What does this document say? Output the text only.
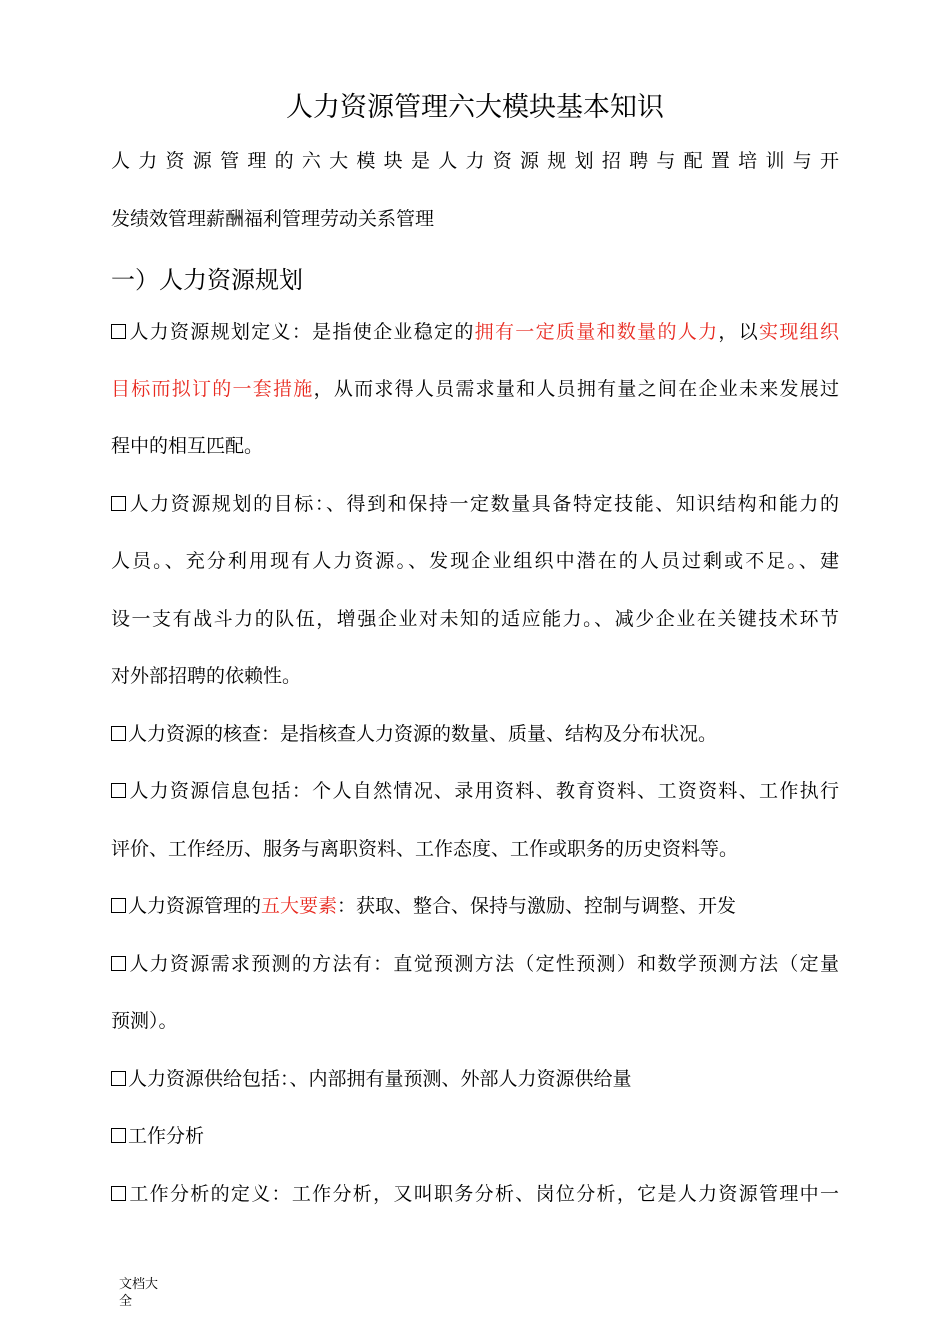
人力资源管理六大模块基本知识
人力资源管理的六大模块是人力资源规划招聘与配置培训与开
发绩效管理薪酬福利管理劳动关系管理
一）人力资源规划
人力资源规划定义：是指使企业稳定的拥有一定质量和数量的人力，以实现组织
目标而拟订的一套措施，从而求得人员需求量和人员拥有量之间在企业未来发展过
程中的相互匹配。
人力资源规划的目标：、得到和保持一定数量具备特定技能、知识结构和能力的
人员。、充分利用现有人力资源。、发现企业组织中潜在的人员过剩或不足。、建
设一支有战斗力的队伍，增强企业对未知的适应能力。、减少企业在关键技术环节
对外部招聘的依赖性。
人力资源的核查：是指核查人力资源的数量、质量、结构及分布状况。
人力资源信息包括：个人自然情况、录用资料、教育资料、工资资料、工作执行
评价、工作经历、服务与离职资料、工作态度、工作或职务的历史资料等。
人力资源管理的五大要素：获取、整合、保持与激励、控制与调整、开发
人力资源需求预测的方法有：直觉预测方法（定性预测）和数学预测方法（定量
预测）。
人力资源供给包括：、内部拥有量预测、外部人力资源供给量
工作分析
工作分析的定义：工作分析，又叫职务分析、岗位分析，它是人力资源管理中一
文档大全
